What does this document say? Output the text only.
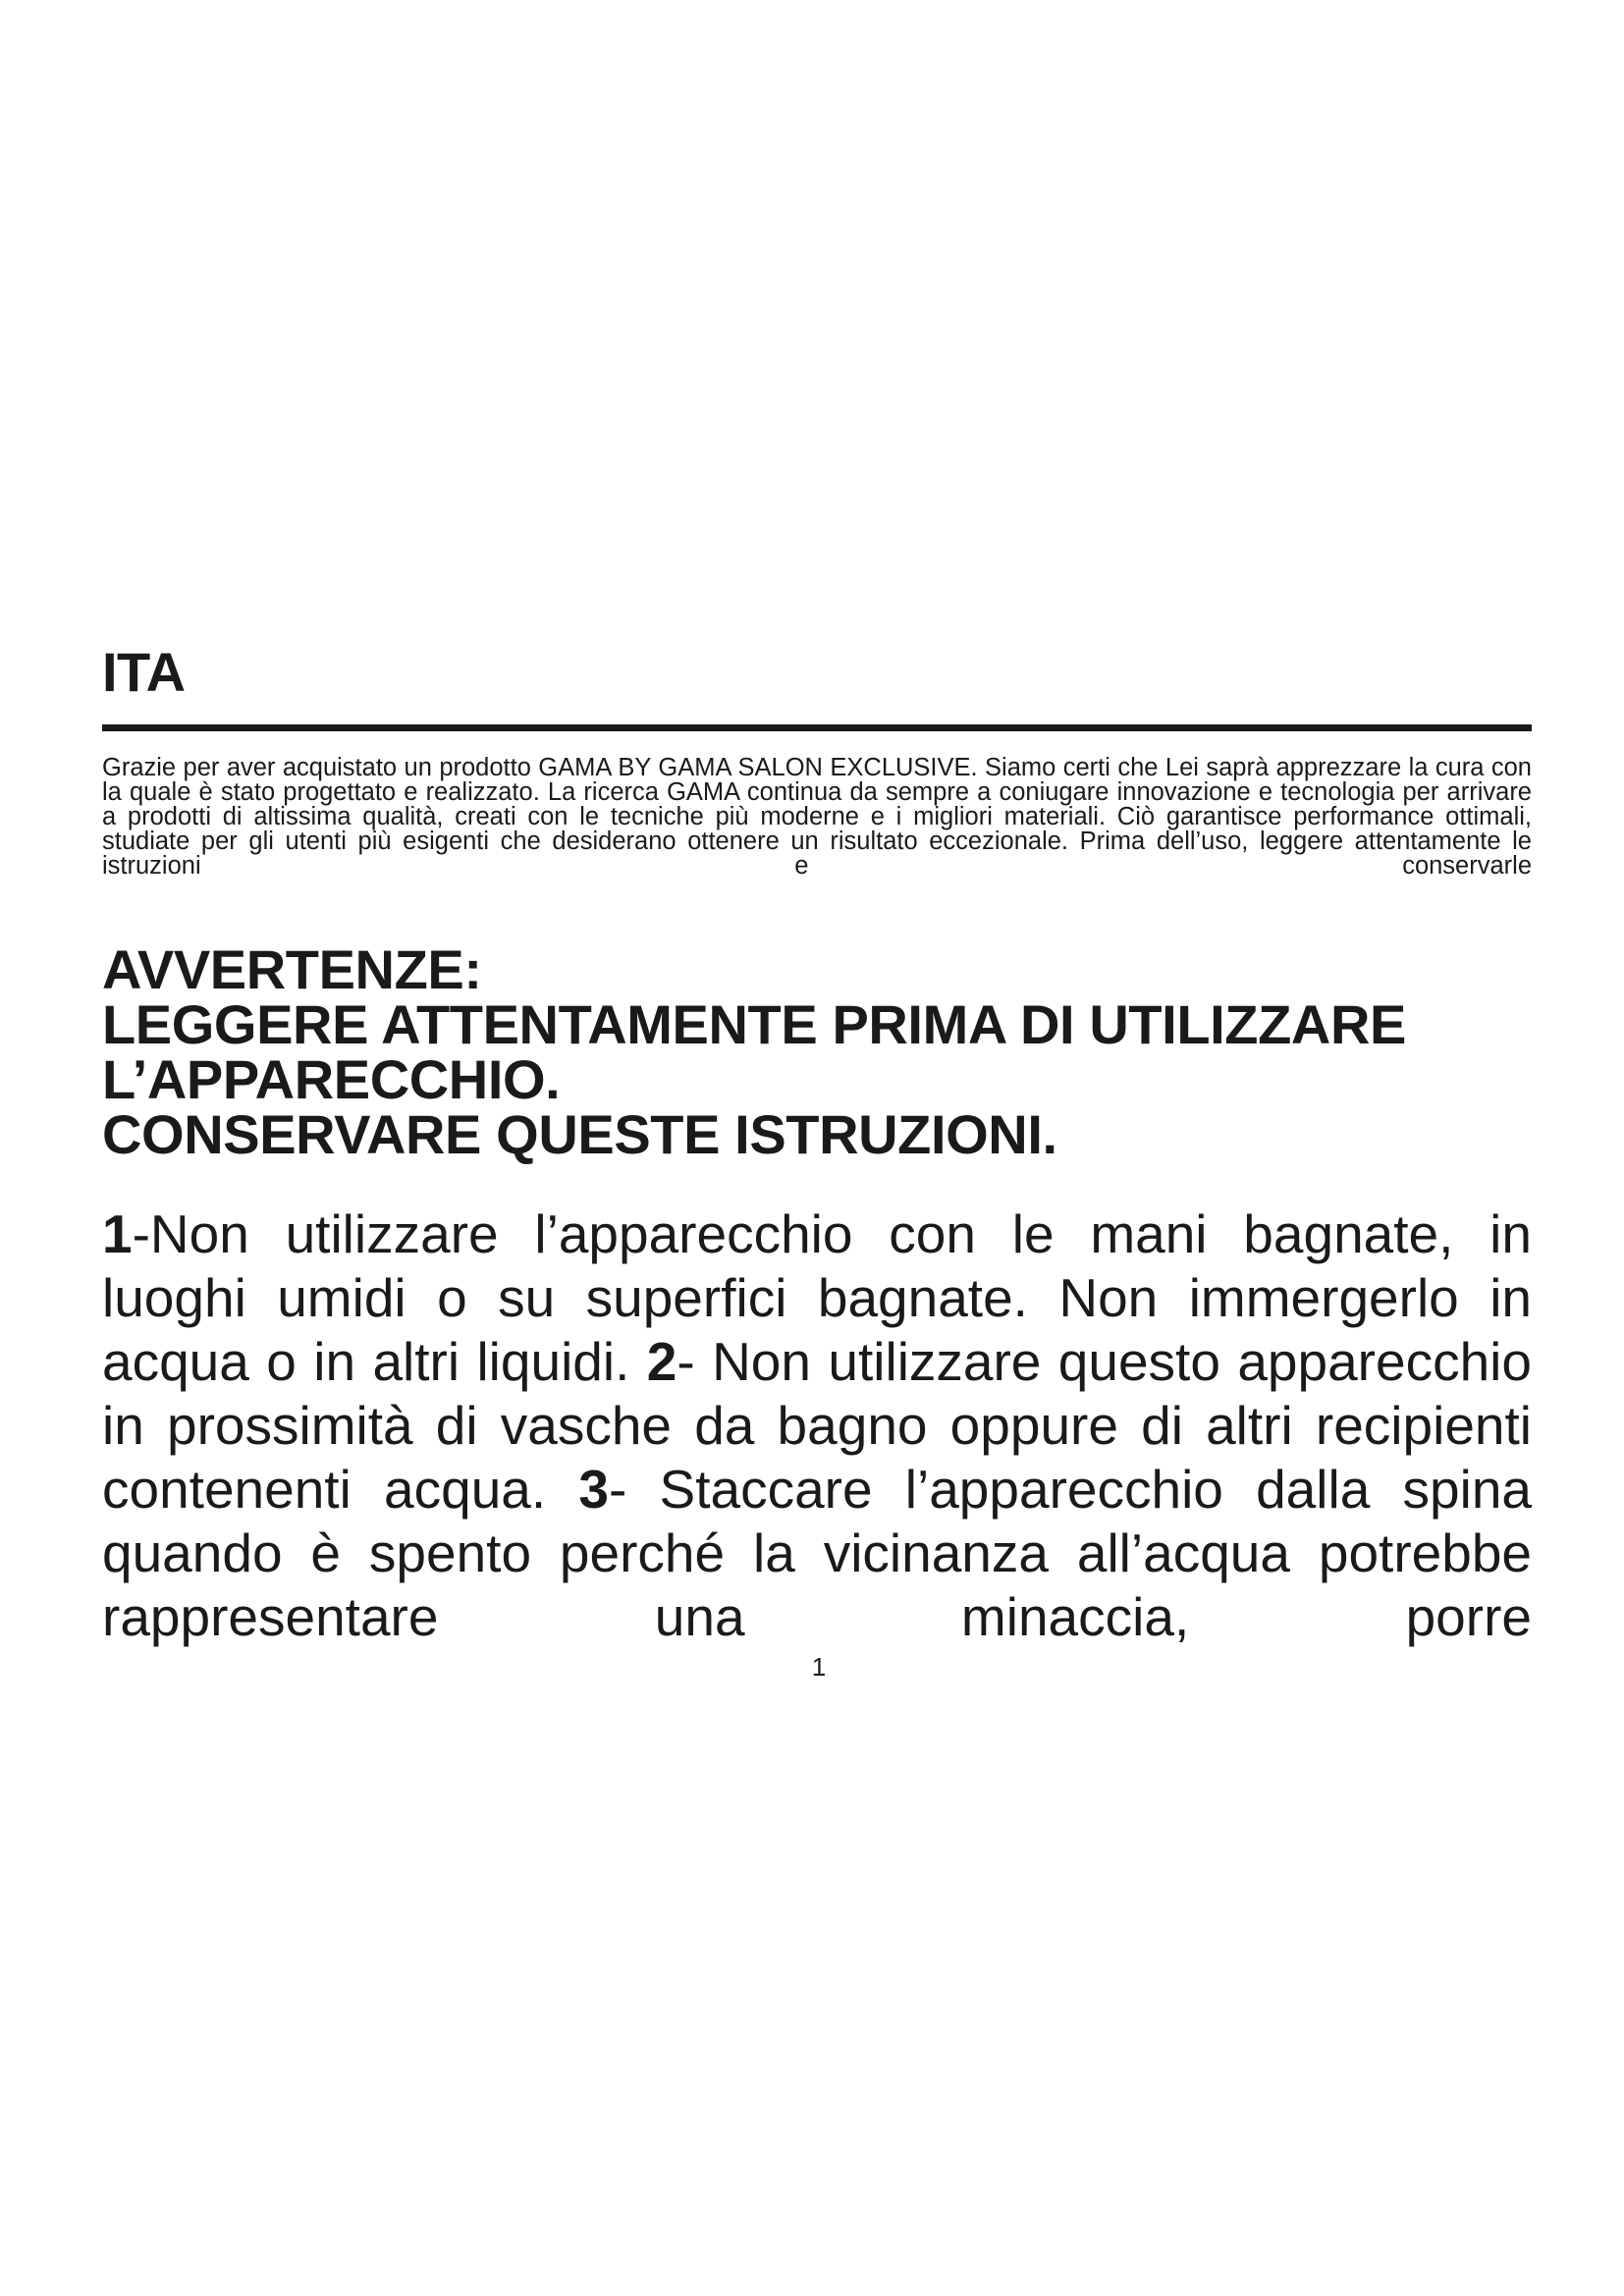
ITA

Grazie per aver acquistato un prodotto GAMA BY GAMA SALON EXCLUSIVE. Siamo certi che Lei saprà apprezzare la cura con la quale è stato progettato e realizzato. La ricerca GAMA continua da sempre a coniugare innovazione e tecnologia per arrivare a prodotti di altissima qualità, creati con le tecniche più moderne e i migliori materiali. Ciò garantisce performance ottimali, studiate per gli utenti più esigenti che desiderano ottenere un risultato eccezionale. Prima dell’uso, leggere attentamente le istruzioni e conservarle

AVVERTENZE:
LEGGERE ATTENTAMENTE PRIMA DI UTILIZZARE
L’APPARECCHIO.
CONSERVARE QUESTE ISTRUZIONI.

1-Non utilizzare l’apparecchio con le mani bagnate, in luoghi umidi o su superfici bagnate. Non immergerlo in acqua o in altri liquidi. 2- Non utilizzare questo apparecchio in prossimità di vasche da bagno oppure di altri recipienti contenenti acqua. 3- Staccare l’apparecchio dalla spina quando è spento perché la vicinanza all’acqua potrebbe rappresentare una minaccia, porre

1
